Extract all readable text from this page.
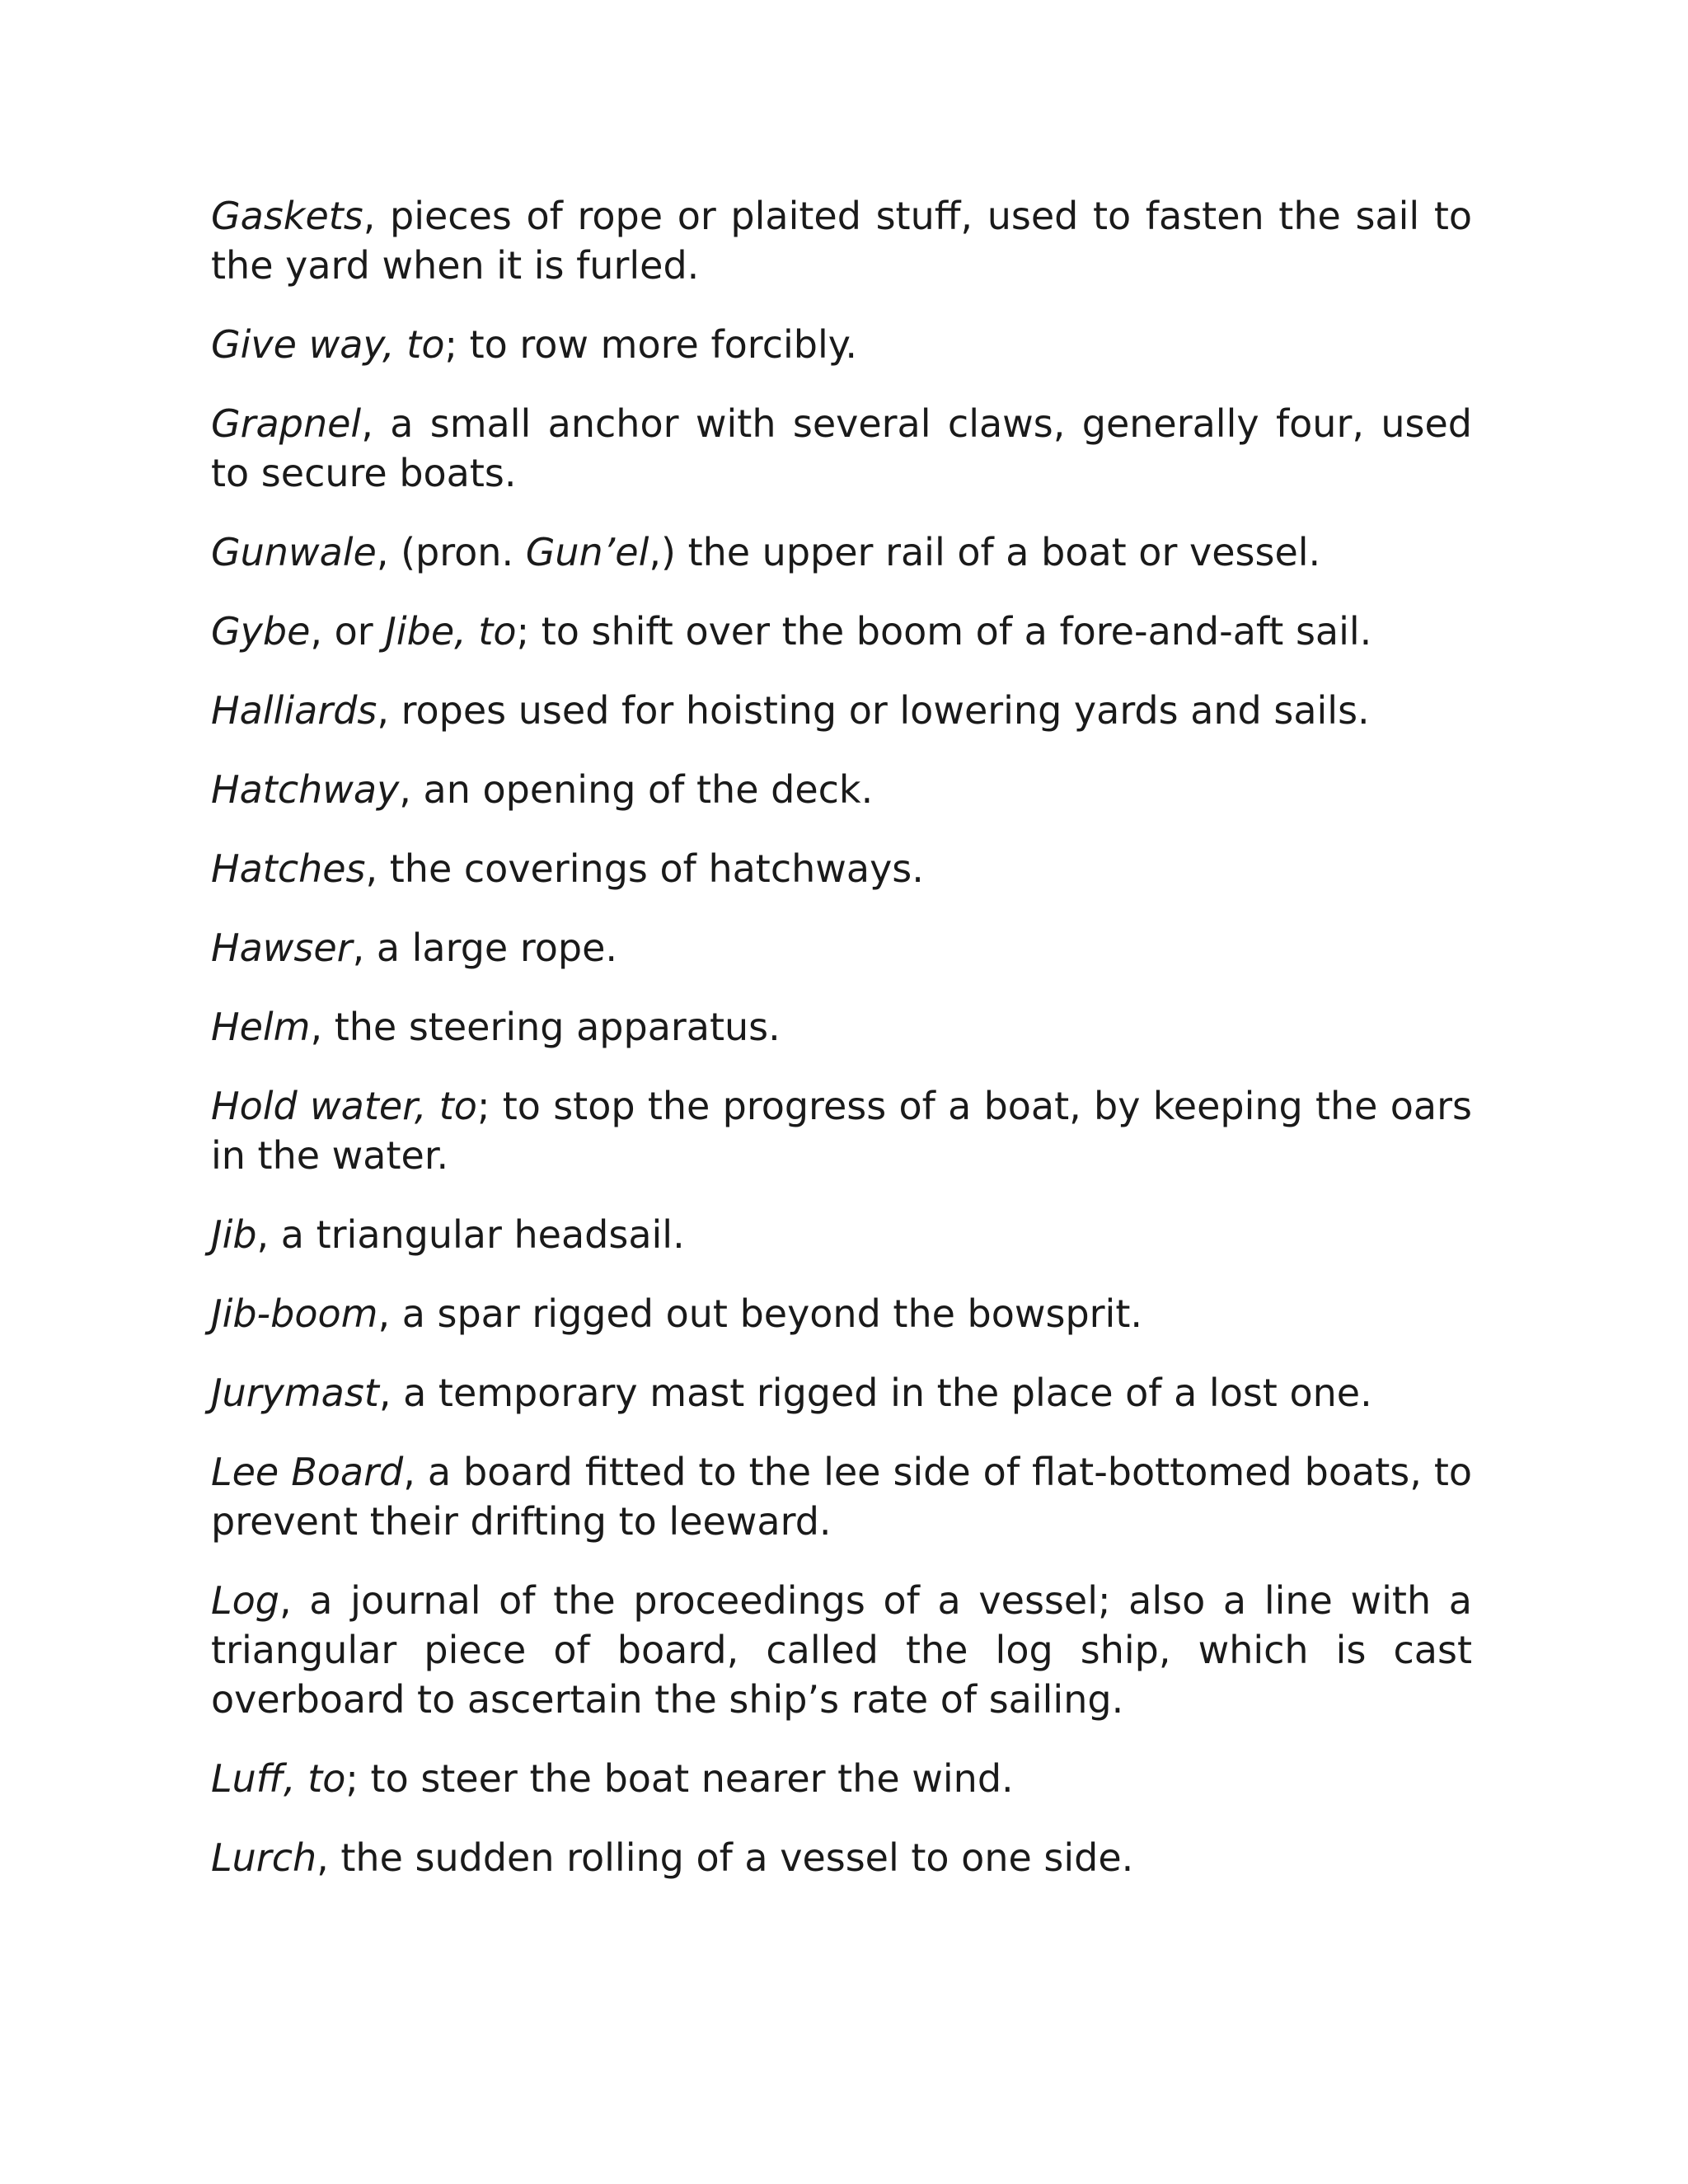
Gaskets, pieces of rope or plaited stuff, used to fasten the sail to the yard when it is furled.

Give way, to; to row more forcibly.

Grapnel, a small anchor with several claws, generally four, used to secure boats.

Gunwale, (pron. Gun’el,) the upper rail of a boat or vessel.

Gybe, or Jibe, to; to shift over the boom of a fore-and-aft sail.

Halliards, ropes used for hoisting or lowering yards and sails.

Hatchway, an opening of the deck.

Hatches, the coverings of hatchways.

Hawser, a large rope.

Helm, the steering apparatus.

Hold water, to; to stop the progress of a boat, by keeping the oars in the water.

Jib, a triangular headsail.

Jib-boom, a spar rigged out beyond the bowsprit.

Jurymast, a temporary mast rigged in the place of a lost one.

Lee Board, a board fitted to the lee side of flat-bottomed boats, to prevent their drifting to leeward.

Log, a journal of the proceedings of a vessel; also a line with a triangular piece of board, called the log ship, which is cast overboard to ascertain the ship’s rate of sailing.

Luff, to; to steer the boat nearer the wind.

Lurch, the sudden rolling of a vessel to one side.
